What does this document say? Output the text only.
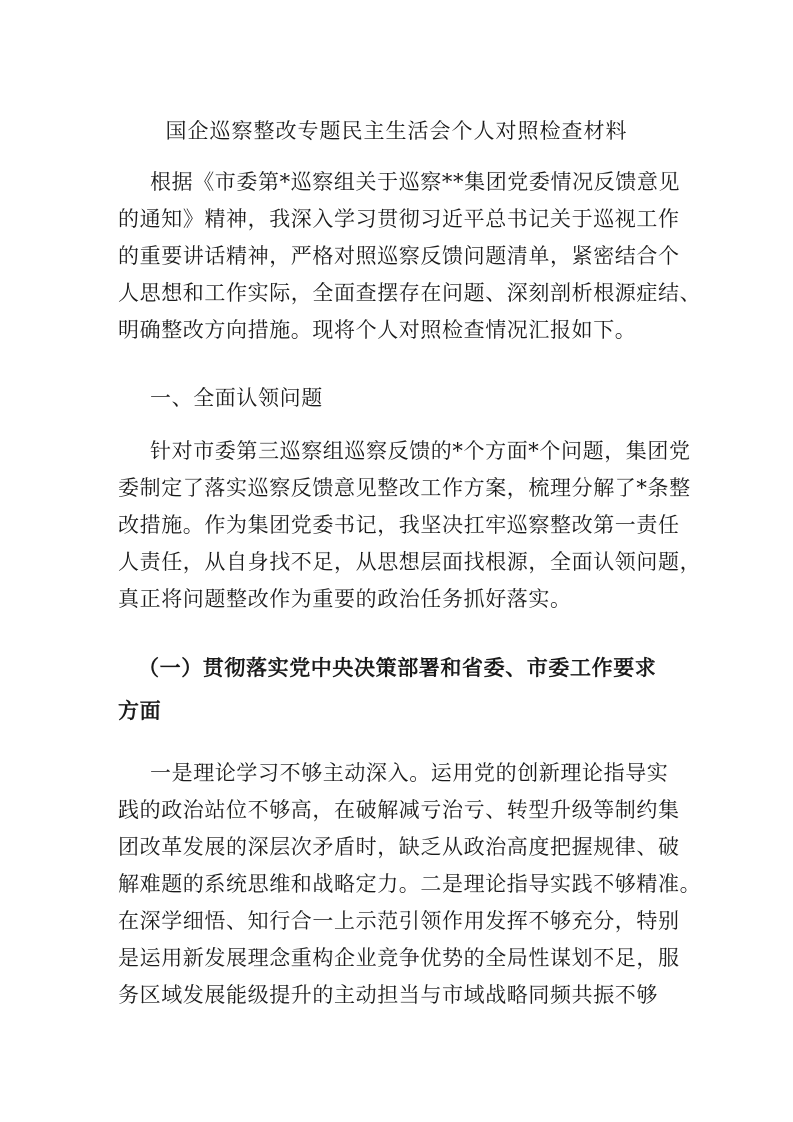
国企巡察整改专题民主生活会个人对照检查材料
根据《市委第*巡察组关于巡察**集团党委情况反馈意见
的通知》精神，我深入学习贯彻习近平总书记关于巡视工作
的重要讲话精神，严格对照巡察反馈问题清单，紧密结合个
人思想和工作实际，全面查摆存在问题、深刻剖析根源症结、
明确整改方向措施。现将个人对照检查情况汇报如下。
一、全面认领问题
针对市委第三巡察组巡察反馈的*个方面*个问题，集团党
委制定了落实巡察反馈意见整改工作方案，梳理分解了*条整
改措施。作为集团党委书记，我坚决扛牢巡察整改第一责任
人责任，从自身找不足，从思想层面找根源，全面认领问题，
真正将问题整改作为重要的政治任务抓好落实。
（一）贯彻落实党中央决策部署和省委、市委工作要求
方面
一是理论学习不够主动深入。运用党的创新理论指导实
践的政治站位不够高，在破解减亏治亏、转型升级等制约集
团改革发展的深层次矛盾时，缺乏从政治高度把握规律、破
解难题的系统思维和战略定力。二是理论指导实践不够精准。
在深学细悟、知行合一上示范引领作用发挥不够充分，特别
是运用新发展理念重构企业竞争优势的全局性谋划不足，服
务区域发展能级提升的主动担当与市域战略同频共振不够
